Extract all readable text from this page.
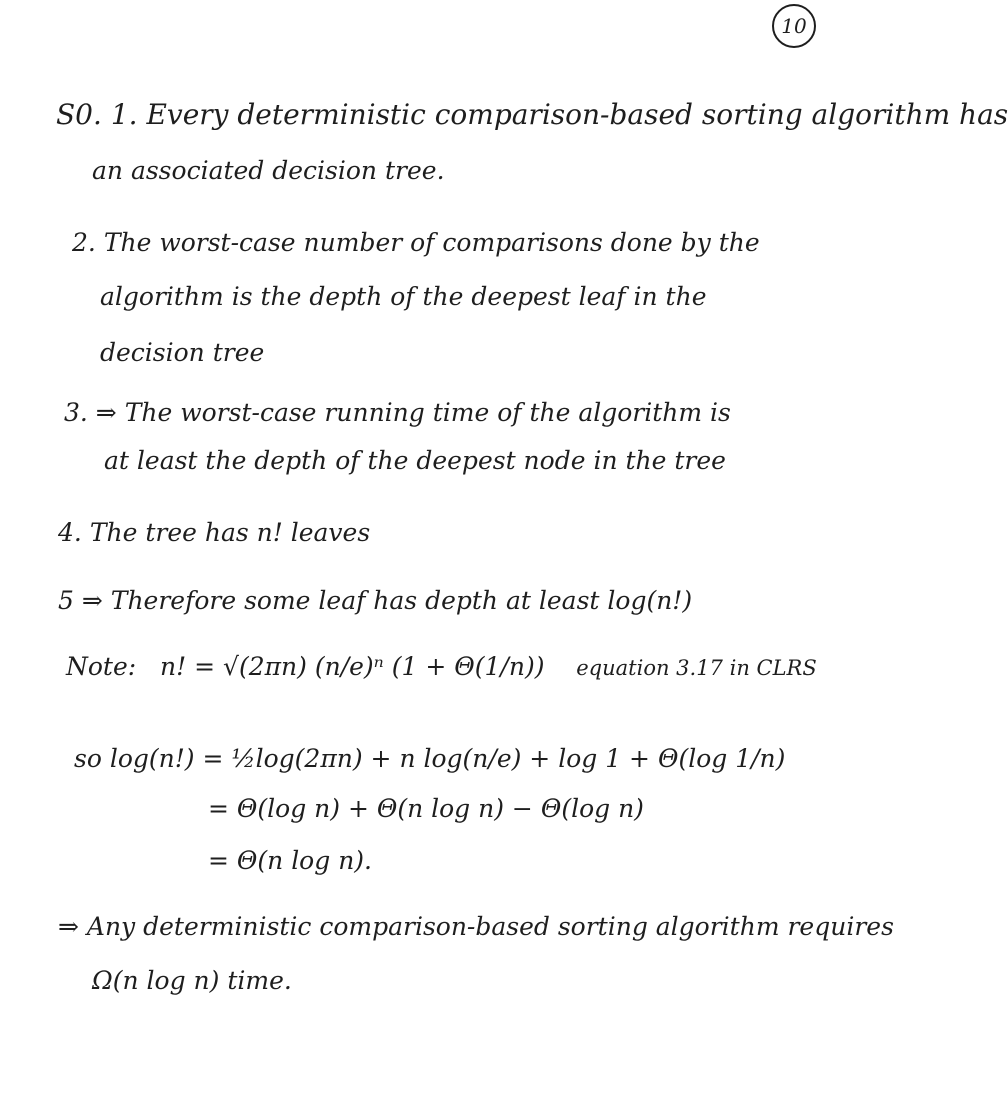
10
S0. 1. Every deterministic comparison-based sorting algorithm has
an associated decision tree.
2. The worst-case number of comparisons done by the
algorithm is the depth of the deepest leaf in the
decision tree
3. ⇒ The worst-case running time of the algorithm is
at least the depth of the deepest node in the tree
4. The tree has n! leaves
5 ⇒ Therefore some leaf has depth at least log(n!)
Note: n! = √(2πn) (n/e)ⁿ (1 + Θ(1/n)) equation 3.17 in CLRS
so log(n!) = ½log(2πn) + n log(n/e) + log 1 + Θ(log 1/n)
= Θ(log n) + Θ(n log n) − Θ(log n)
= Θ(n log n).
⇒ Any deterministic comparison-based sorting algorithm requires
Ω(n log n) time.
